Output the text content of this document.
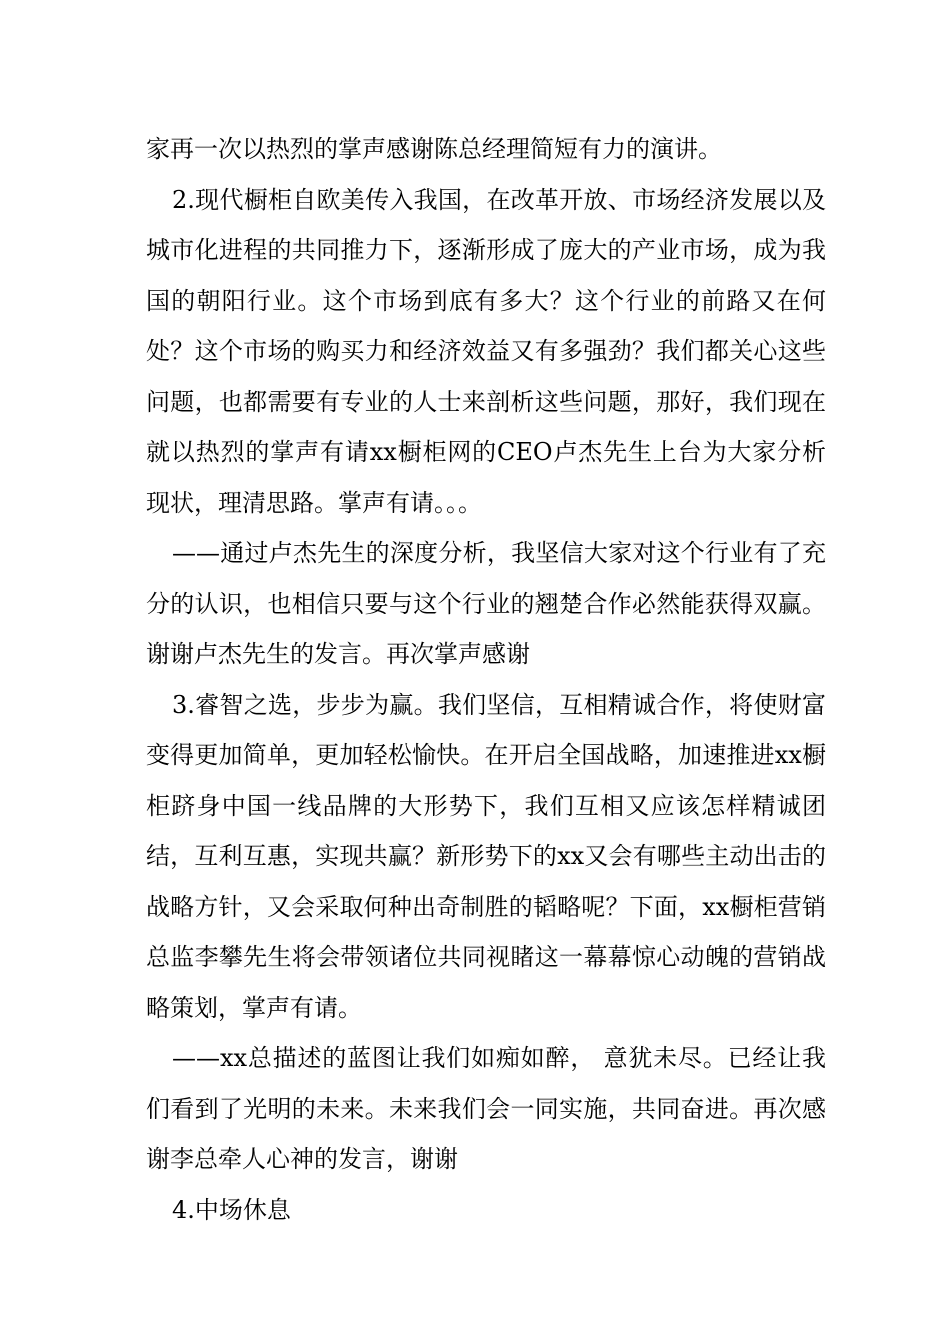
家再一次以热烈的掌声感谢陈总经理简短有力的演讲。

2.现代橱柜自欧美传入我国，在改革开放、市场经济发展以及城市化进程的共同推力下，逐渐形成了庞大的产业市场，成为我国的朝阳行业。这个市场到底有多大？这个行业的前路又在何处？这个市场的购买力和经济效益又有多强劲？我们都关心这些问题，也都需要有专业的人士来剖析这些问题，那好，我们现在就以热烈的掌声有请xx橱柜网的CEO卢杰先生上台为大家分析现状，理清思路。掌声有请。。。

——通过卢杰先生的深度分析，我坚信大家对这个行业有了充分的认识，也相信只要与这个行业的翘楚合作必然能获得双赢。谢谢卢杰先生的发言。再次掌声感谢

3.睿智之选，步步为赢。我们坚信，互相精诚合作，将使财富变得更加简单，更加轻松愉快。在开启全国战略，加速推进xx橱柜跻身中国一线品牌的大形势下，我们互相又应该怎样精诚团结，互利互惠，实现共赢？新形势下的xx又会有哪些主动出击的战略方针，又会采取何种出奇制胜的韬略呢？下面，xx橱柜营销总监李攀先生将会带领诸位共同视睹这一幕幕惊心动魄的营销战略策划，掌声有请。

——xx总描述的蓝图让我们如痴如醉， 意犹未尽。已经让我们看到了光明的未来。未来我们会一同实施，共同奋进。再次感谢李总牵人心神的发言，谢谢

4.中场休息
